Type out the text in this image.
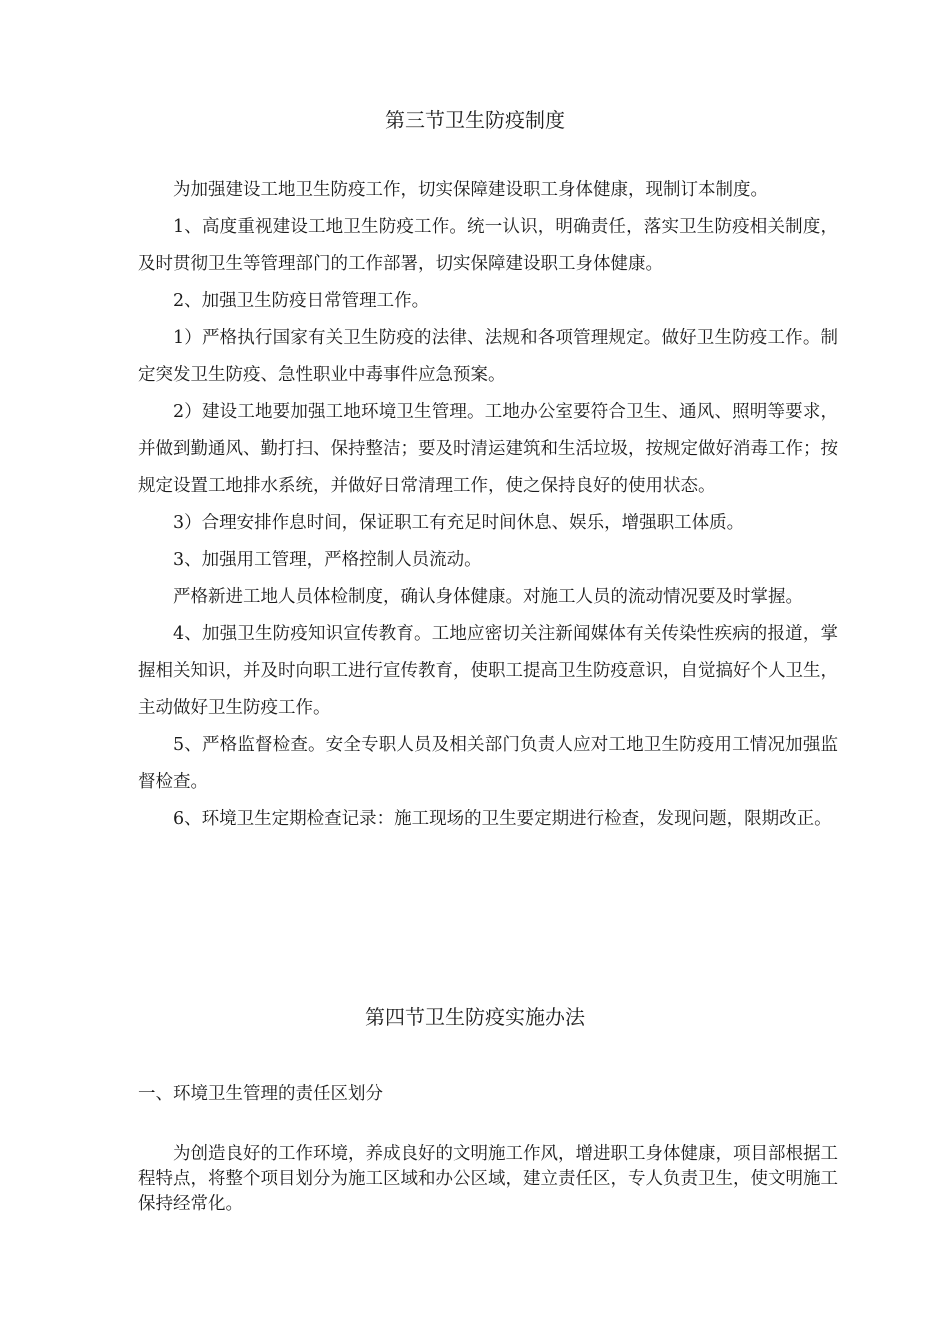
第三节卫生防疫制度

为加强建设工地卫生防疫工作，切实保障建设职工身体健康，现制订本制度。

1、高度重视建设工地卫生防疫工作。统一认识，明确责任，落实卫生防疫相关制度，及时贯彻卫生等管理部门的工作部署，切实保障建设职工身体健康。

2、加强卫生防疫日常管理工作。

1）严格执行国家有关卫生防疫的法律、法规和各项管理规定。做好卫生防疫工作。制定突发卫生防疫、急性职业中毒事件应急预案。

2）建设工地要加强工地环境卫生管理。工地办公室要符合卫生、通风、照明等要求，并做到勤通风、勤打扫、保持整洁；要及时清运建筑和生活垃圾，按规定做好消毒工作；按规定设置工地排水系统，并做好日常清理工作，使之保持良好的使用状态。

3）合理安排作息时间，保证职工有充足时间休息、娱乐，增强职工体质。

3、加强用工管理，严格控制人员流动。

严格新进工地人员体检制度，确认身体健康。对施工人员的流动情况要及时掌握。

4、加强卫生防疫知识宣传教育。工地应密切关注新闻媒体有关传染性疾病的报道，掌握相关知识，并及时向职工进行宣传教育，使职工提高卫生防疫意识，自觉搞好个人卫生，主动做好卫生防疫工作。

5、严格监督检查。安全专职人员及相关部门负责人应对工地卫生防疫用工情况加强监督检查。

6、环境卫生定期检查记录：施工现场的卫生要定期进行检查，发现问题，限期改正。

第四节卫生防疫实施办法
一、环境卫生管理的责任区划分

为创造良好的工作环境，养成良好的文明施工作风，增进职工身体健康，项目部根据工程特点，将整个项目划分为施工区域和办公区域，建立责任区，专人负责卫生，使文明施工保持经常化。
